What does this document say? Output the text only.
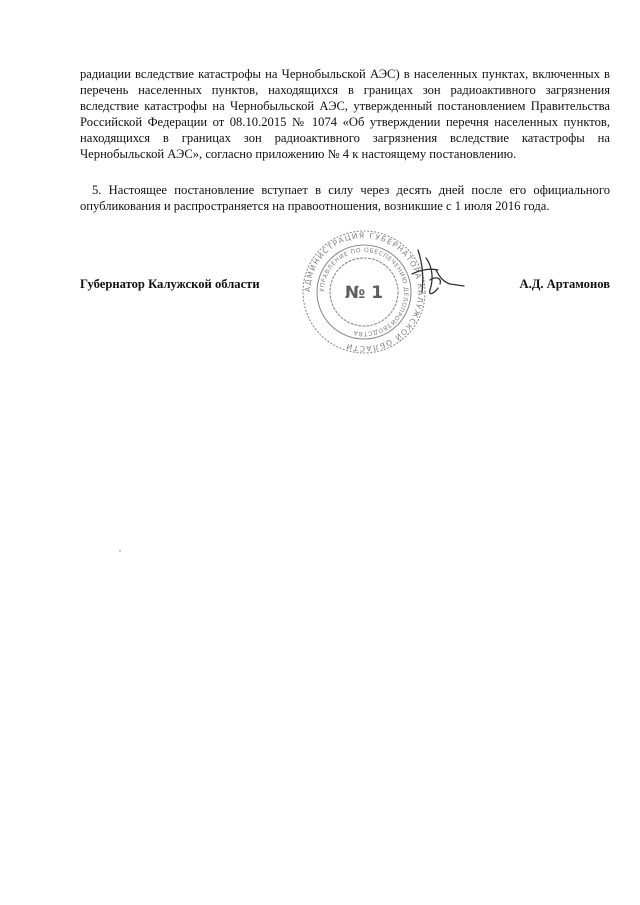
радиации вследствие катастрофы на Чернобыльской АЭС) в населенных пунктах, включенных в перечень населенных пунктов, находящихся в границах зон радиоактивного загрязнения вследствие катастрофы на Чернобыльской АЭС, утвержденный постановлением Правительства Российской Федерации от 08.10.2015 № 1074 «Об утверждении перечня населенных пунктов, находящихся в границах зон радиоактивного загрязнения вследствие катастрофы на Чернобыльской АЭС», согласно приложению № 4 к настоящему постановлению.

5. Настоящее постановление вступает в силу через десять дней после его официального опубликования и распространяется на правоотношения, возникшие с 1 июля 2016 года.

Губернатор Калужской области	А.Д. Артамонов
АДМИНИСТРАЦИЯ ГУБЕРНАТОРА КАЛУЖСКОЙ ОБЛАСТИ
УПРАВЛЕНИЕ ПО ОБЕСПЕЧЕНИЮ ДЕЛОПРОИЗВОДСТВА
№ 1
